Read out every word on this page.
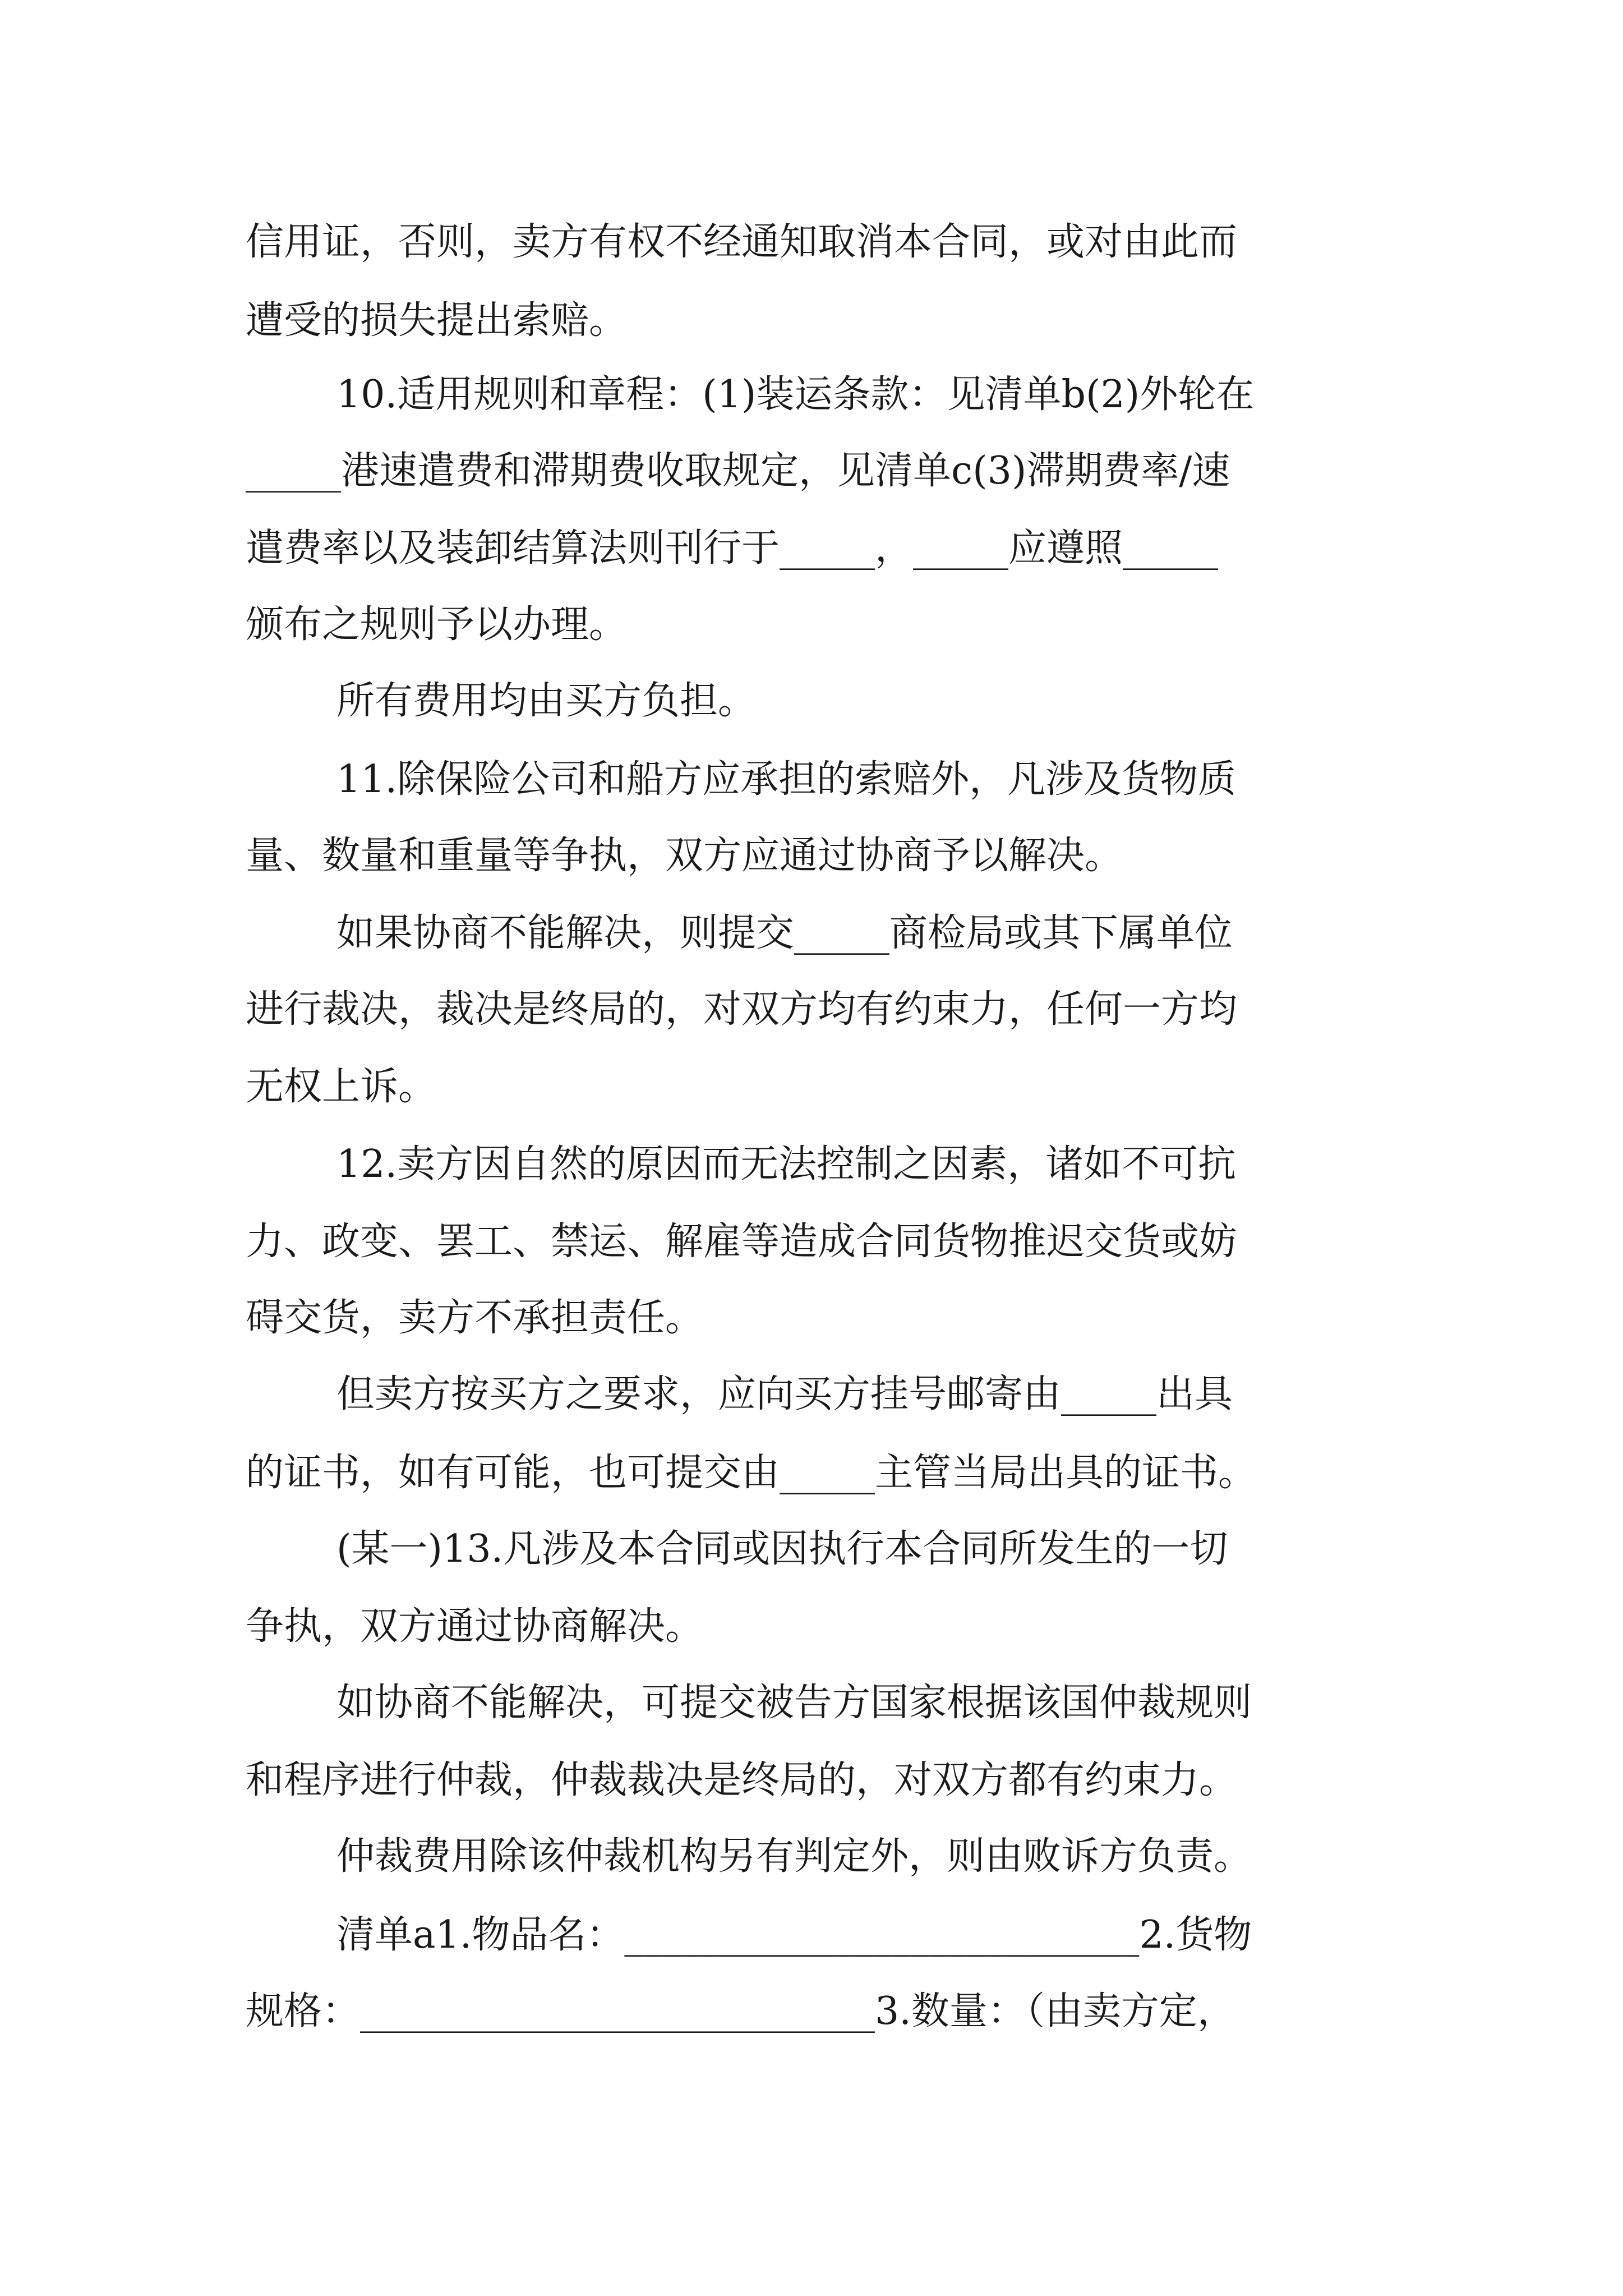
信用证，否则，卖方有权不经通知取消本合同，或对由此而
遭受的损失提出索赔。
10.适用规则和章程：(1)装运条款：见清单b(2)外轮在
_____港速遣费和滞期费收取规定，见清单c(3)滞期费率/速
遣费率以及装卸结算法则刊行于_____，_____应遵照_____
颁布之规则予以办理。
所有费用均由买方负担。
11.除保险公司和船方应承担的索赔外，凡涉及货物质
量、数量和重量等争执，双方应通过协商予以解决。
如果协商不能解决，则提交_____商检局或其下属单位
进行裁决，裁决是终局的，对双方均有约束力，任何一方均
无权上诉。
12.卖方因自然的原因而无法控制之因素，诸如不可抗
力、政变、罢工、禁运、解雇等造成合同货物推迟交货或妨
碍交货，卖方不承担责任。
但卖方按买方之要求，应向买方挂号邮寄由_____出具
的证书，如有可能，也可提交由_____主管当局出具的证书。
(某一)13.凡涉及本合同或因执行本合同所发生的一切
争执，双方通过协商解决。
如协商不能解决，可提交被告方国家根据该国仲裁规则
和程序进行仲裁，仲裁裁决是终局的，对双方都有约束力。
仲裁费用除该仲裁机构另有判定外，则由败诉方负责。
清单a1.物品名：___________________________2.货物
规格：___________________________3.数量：（由卖方定，
